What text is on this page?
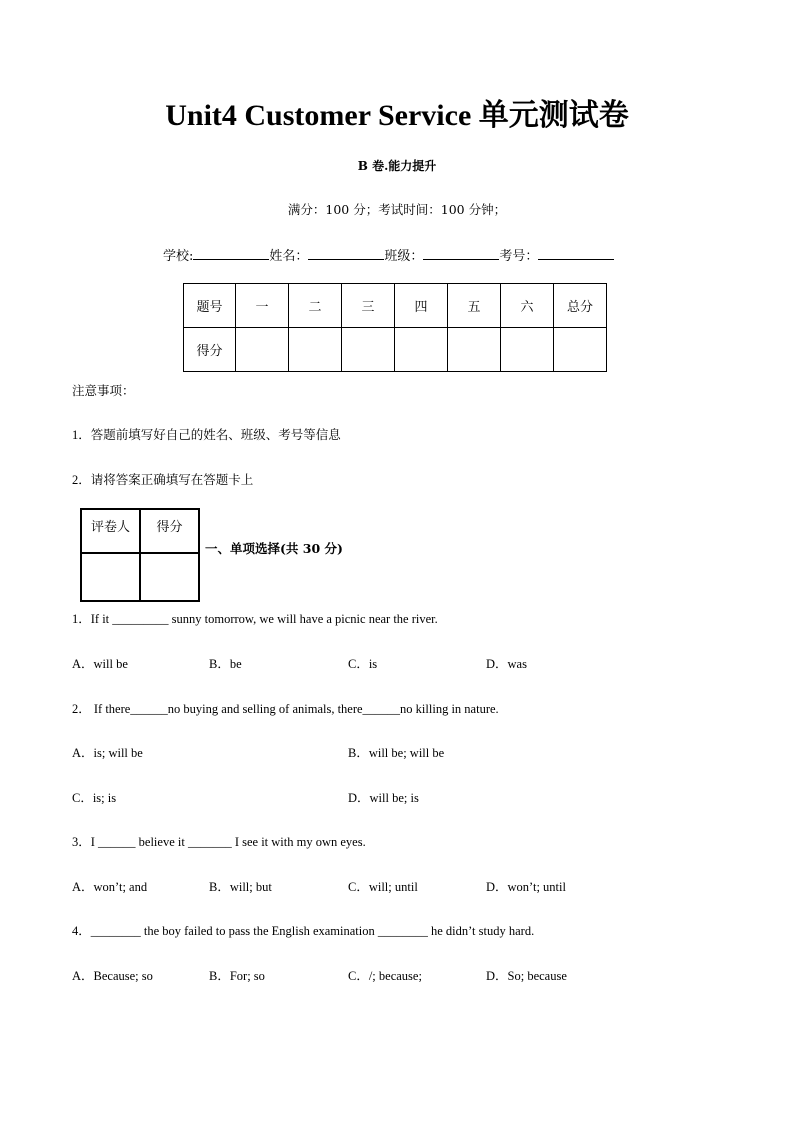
Unit4 Customer Service 单元测试卷
B 卷.能力提升
满分：100 分；考试时间：100 分钟；
学校:	姓名：	班级：	考号：
题号	一	二	三	四	五	六	总分
得分							
注意事项：
1．答题前填写好自己的姓名、班级、考号等信息
2．请将答案正确填写在答题卡上
评卷人	得分

一、单项选择(共 30 分)
1．If it _________ sunny tomorrow, we will have a picnic near the river.
A．will be	B．be	C．is	D．was
2． If there______no buying and selling of animals, there______no killing in nature.
A．is; will be	B．will be; will be
C．is; is	D．will be; is
3．I ______ believe it _______ I see it with my own eyes.
A．won’t; and	B．will; but	C．will; until	D．won’t; until
4．________ the boy failed to pass the English examination ________ he didn’t study hard.
A．Because; so	B．For; so	C．/; because;	D．So; because
